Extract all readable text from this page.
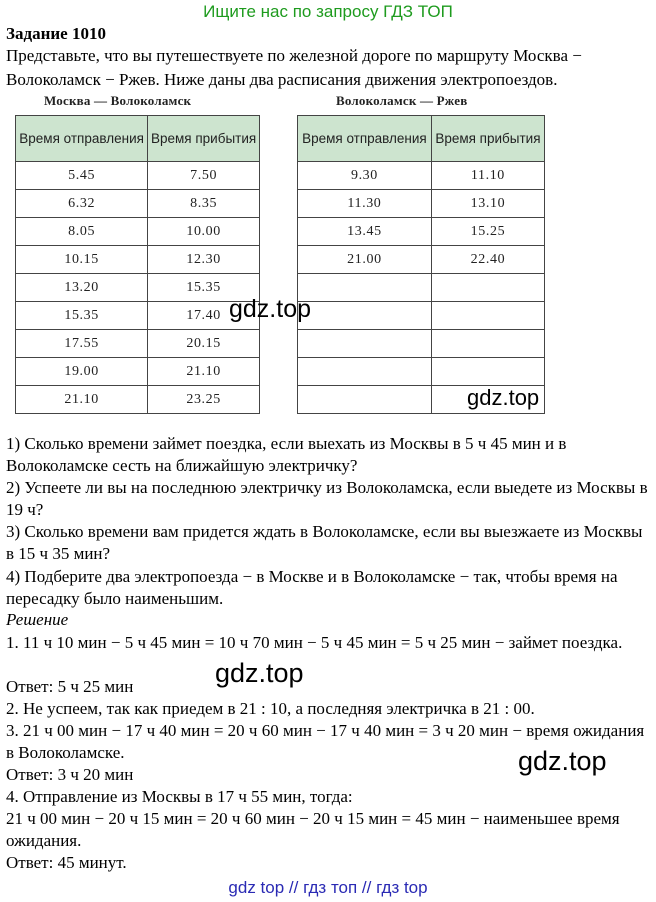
Ищите нас по запросу ГДЗ ТОП
Задание 1010
Представьте, что вы путешествуете по железной дороге по маршруту Москва − Волоколамск − Ржев. Ниже даны два расписания движения электропоездов.
Москва — Волоколамск	Волоколамск — Ржев
Время отправления	Время прибытия
5.45	7.50
6.32	8.35
8.05	10.00
10.15	12.30
13.20	15.35
15.35	17.40
17.55	20.15
19.00	21.10
21.10	23.25
Время отправления	Время прибытия
9.30	11.10
11.30	13.10
13.45	15.25
21.00	22.40

gdz.top
gdz.top
1) Сколько времени займет поездка, если выехать из Москвы в 5 ч 45 мин и в Волоколамске сесть на ближайшую электричку?
2) Успеете ли вы на последнюю электричку из Волоколамска, если выедете из Москвы в 19 ч?
3) Сколько времени вам придется ждать в Волоколамске, если вы выезжаете из Москвы в 15 ч 35 мин?
4) Подберите два электропоезда − в Москве и в Волоколамске − так, чтобы время на пересадку было наименьшим.
Решение
1. 11 ч 10 мин − 5 ч 45 мин = 10 ч 70 мин − 5 ч 45 мин = 5 ч 25 мин − займет поездка.
Ответ: 5 ч 25 мин
2. Не успеем, так как приедем в 21 : 10, а последняя электричка в 21 : 00.
3. 21 ч 00 мин − 17 ч 40 мин = 20 ч 60 мин − 17 ч 40 мин = 3 ч 20 мин − время ожидания в Волоколамске.
Ответ: 3 ч 20 мин
4. Отправление из Москвы в 17 ч 55 мин, тогда:
21 ч 00 мин − 20 ч 15 мин = 20 ч 60 мин − 20 ч 15 мин = 45 мин − наименьшее время ожидания.
Ответ: 45 минут.
gdz.top
gdz.top
gdz top // гдз топ // гдз top
